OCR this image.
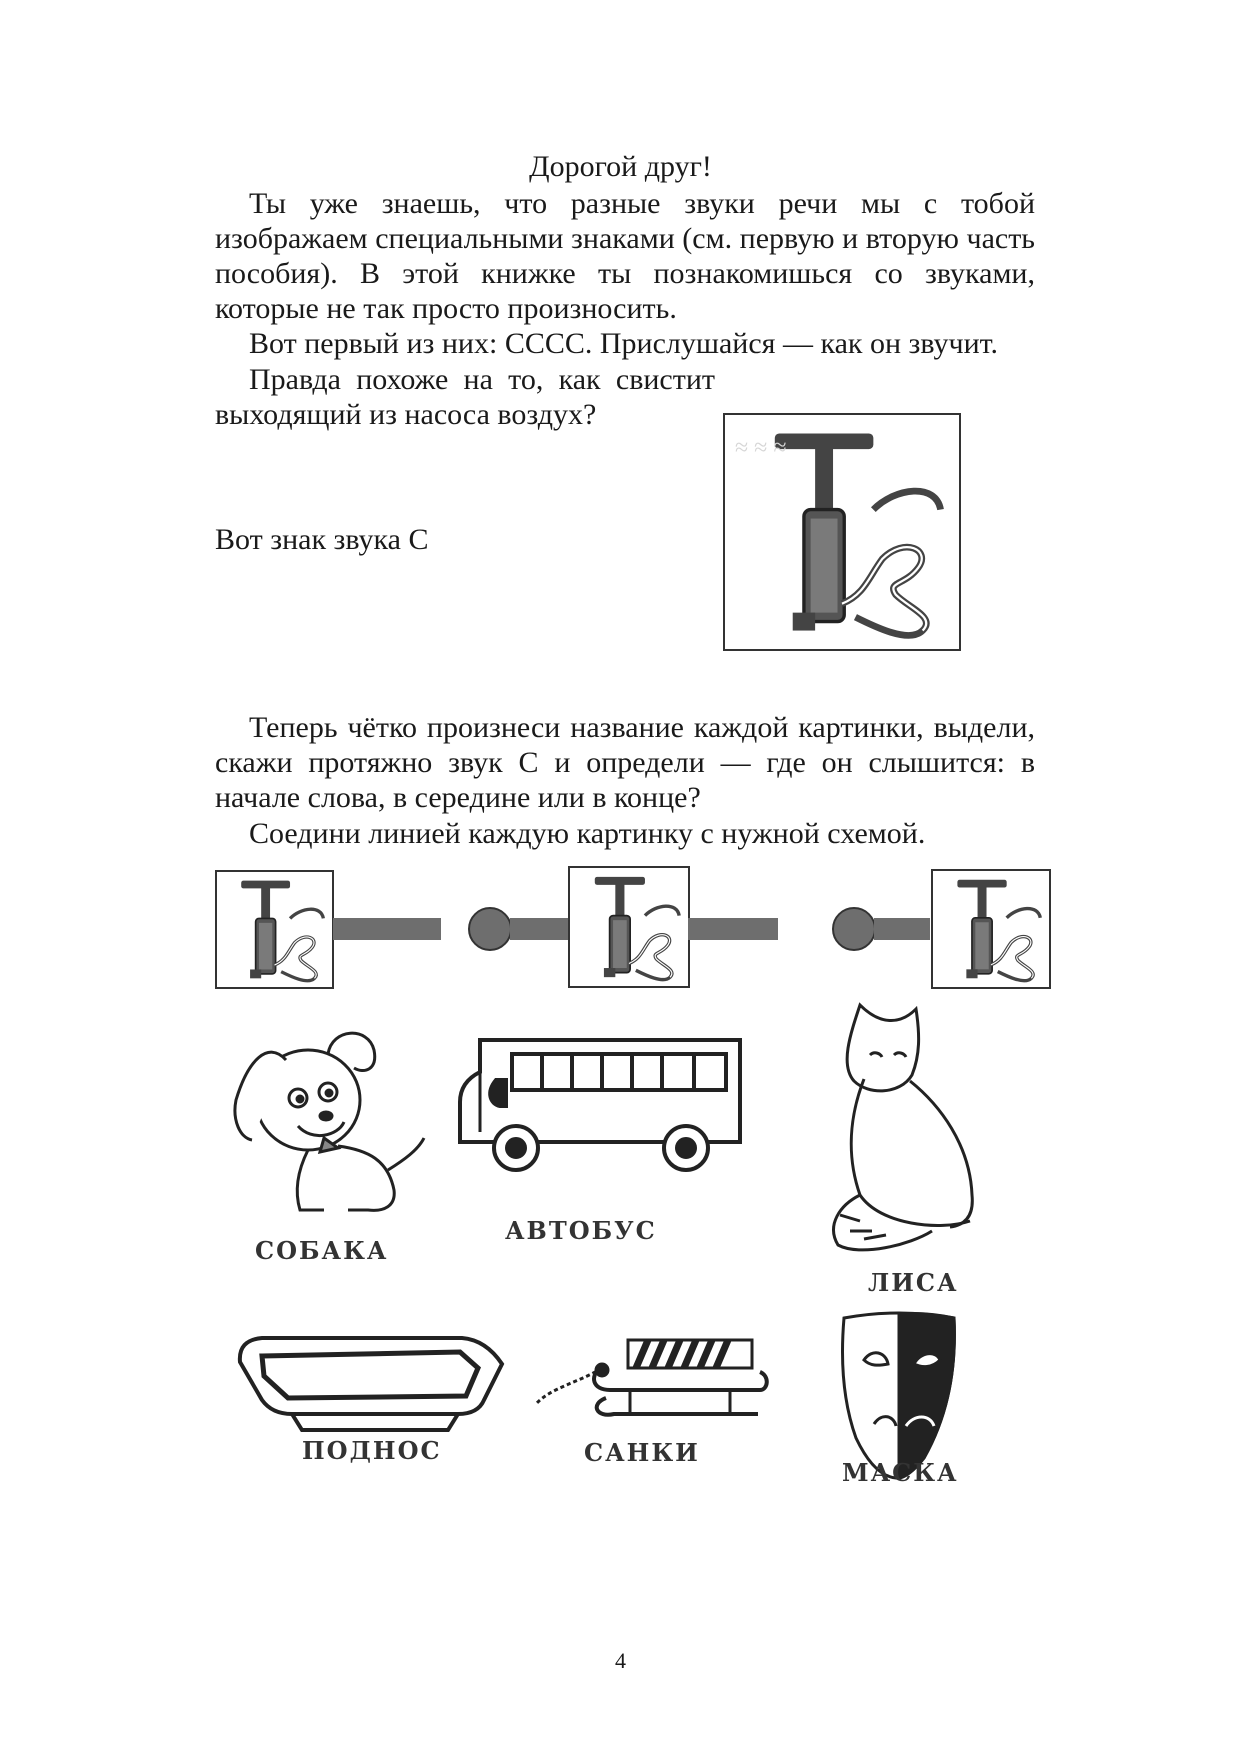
Дорогой друг!

Ты уже знаешь, что разные звуки речи мы с тобой изображаем специальными знаками (см. первую и вторую часть пособия). В этой книжке ты познакомишься со звуками, которые не так просто произносить.

Вот первый из них: СССС. Прислушайся — как он звучит.

Правда похоже на то, как свистит выходящий из насоса воздух?

Вот знак звука С

≈ ≈ ≈

Теперь чётко произнеси название каждой картинки, выдели, скажи протяжно звук С и определи — где он слышится: в начале слова, в середине или в конце?

Соедини линией каждую картинку с нужной схемой.

СОБАКА
АВТОБУС
ЛИСА
ПОДНОС	САНКИ
МАСКА
4
